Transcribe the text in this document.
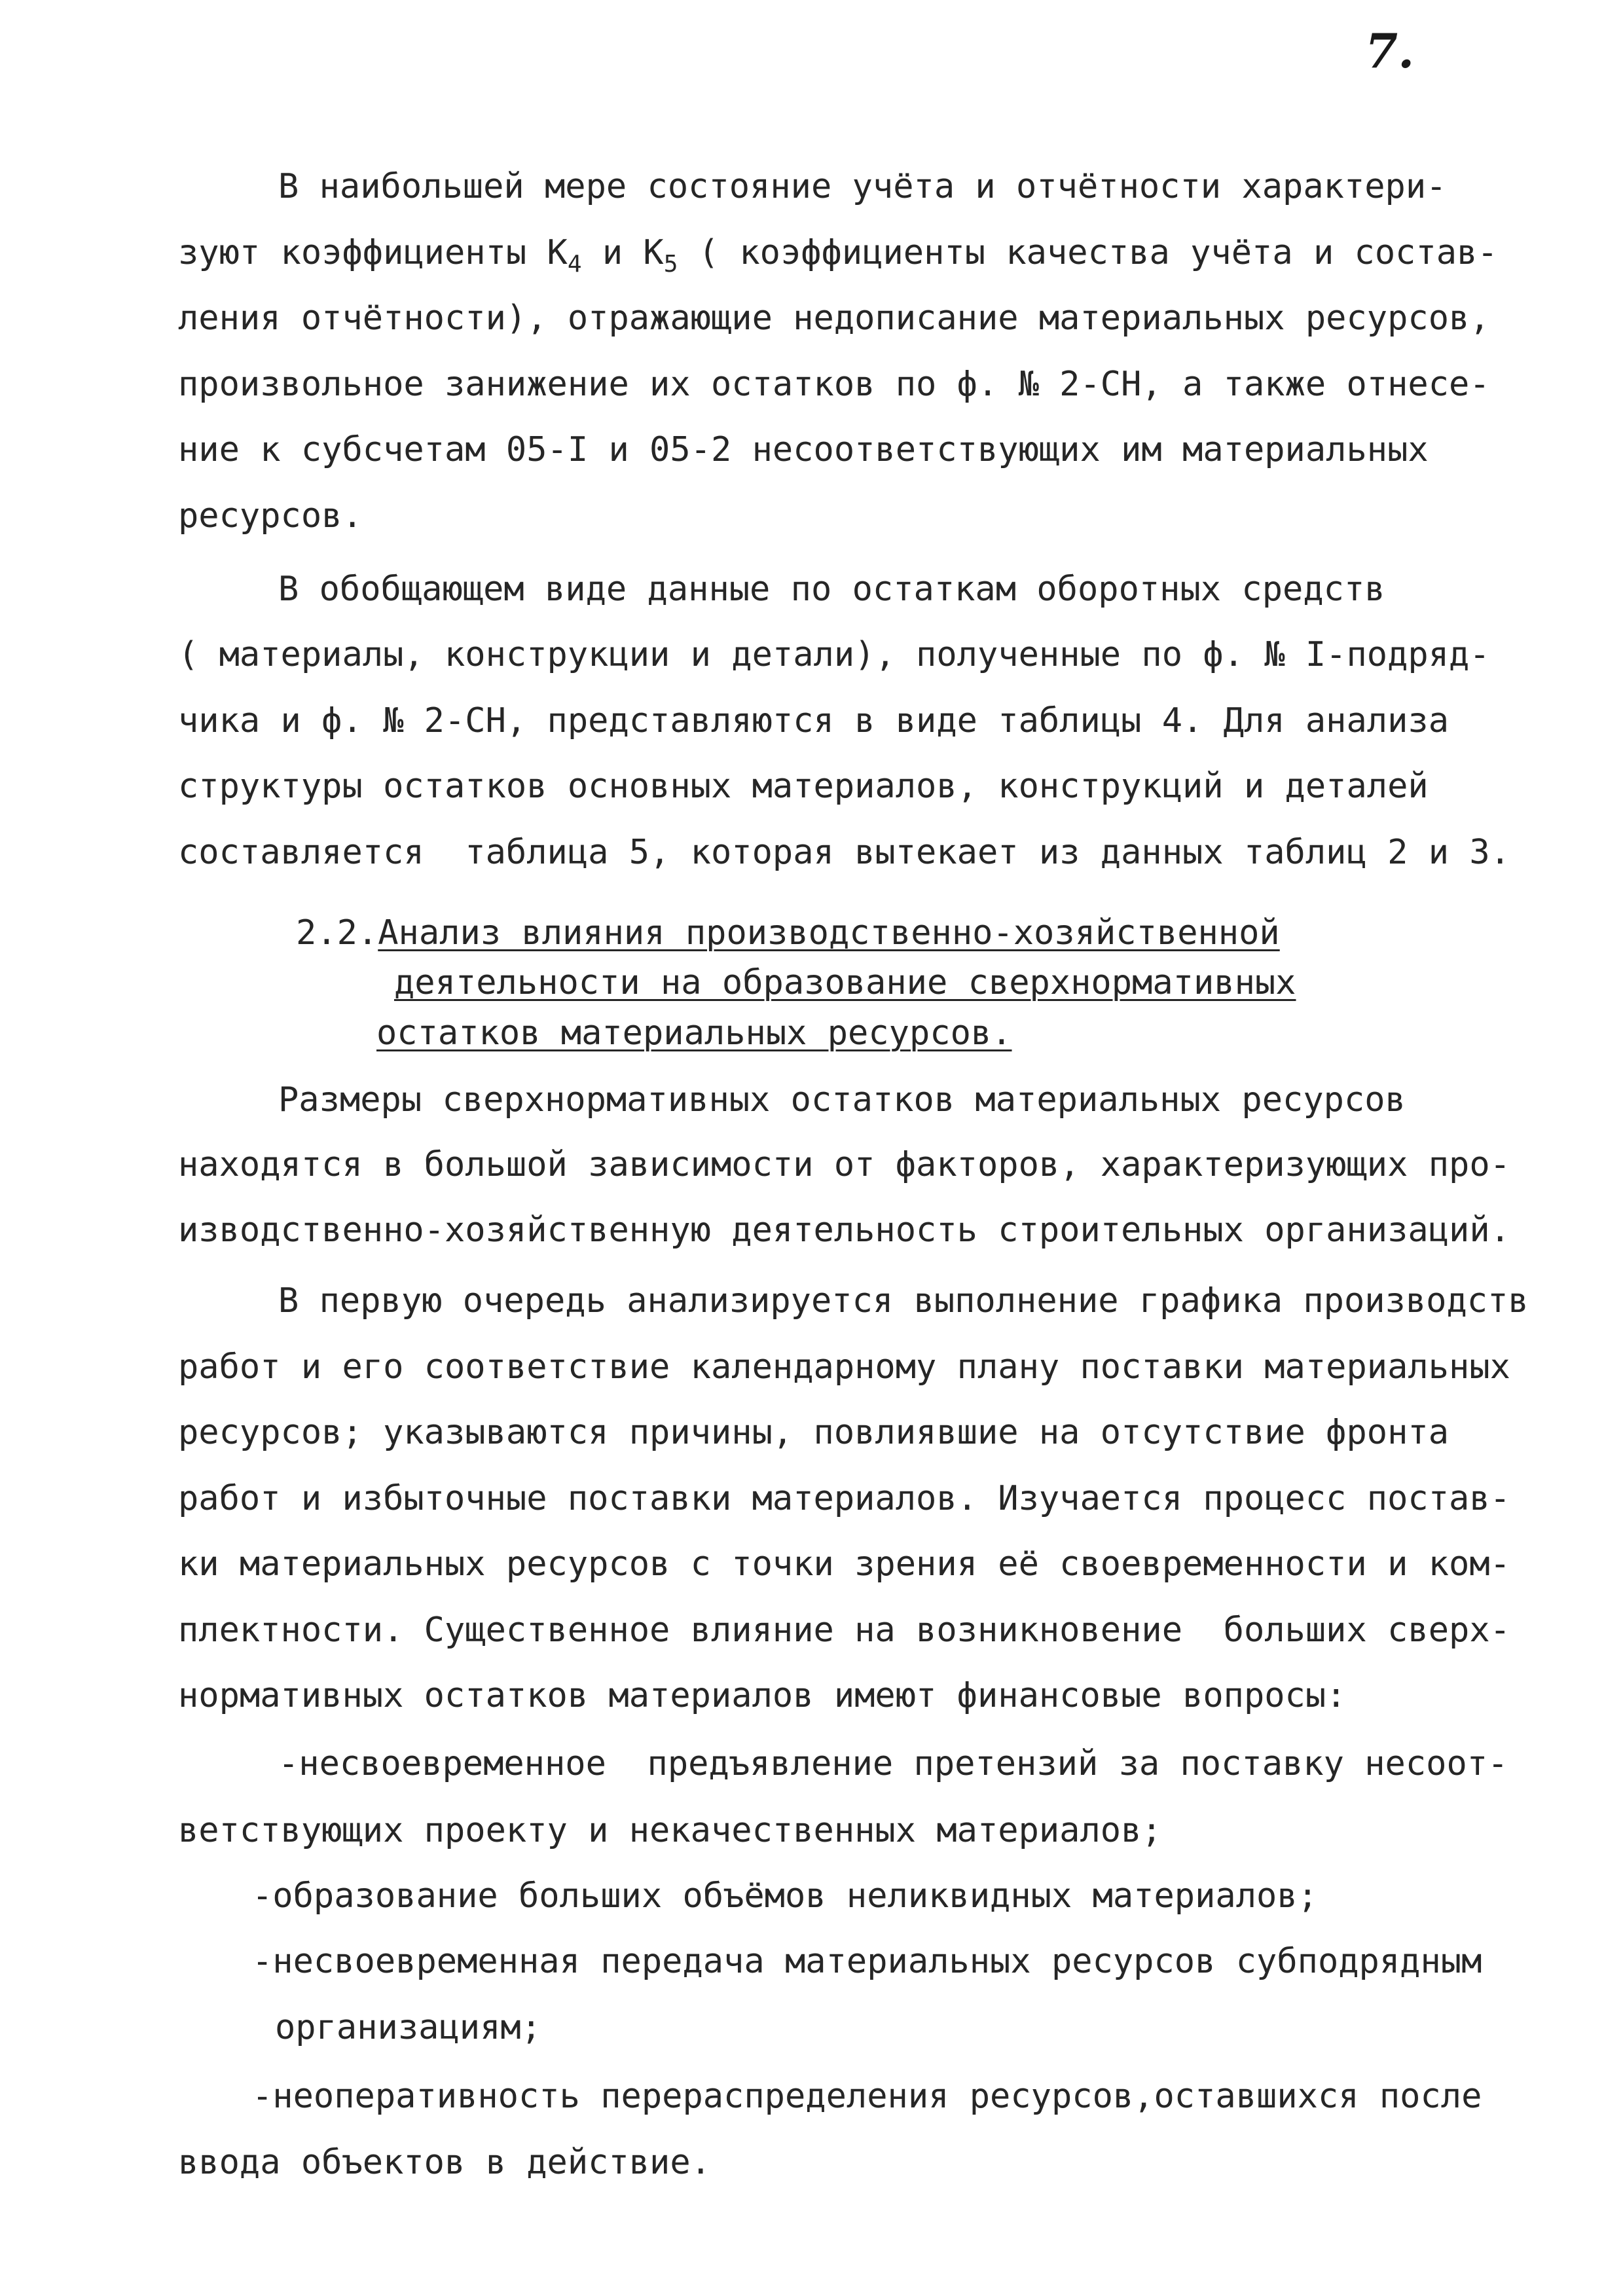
7.
В наибольшей мере состояние учёта и отчётности характери-
зуют коэффициенты $К_4$ и $К_5$ ( коэффициенты качества учёта и состав-
ления отчётности), отражающие недописание материальных ресурсов,
произвольное занижение их остатков по ф. № 2-СН, а также отнесе-
ние к субсчетам 05-I и 05-2 несоответствующих им материальных
ресурсов.
В обобщающем виде данные по остаткам оборотных средств
( материалы, конструкции и детали), полученные по ф. № I-подряд-
чика и ф. № 2-СН, представляются в виде таблицы 4. Для анализа
структуры остатков основных материалов, конструкций и деталей
составляется  таблица 5, которая вытекает из данных таблиц 2 и 3.
2.2.Анализ влияния производственно-хозяйственной
деятельности на образование сверхнормативных
остатков материальных ресурсов.
Размеры сверхнормативных остатков материальных ресурсов
находятся в большой зависимости от факторов, характеризующих про-
изводственно-хозяйственную деятельность строительных организаций.
В первую очередь анализируется выполнение графика производств
работ и его соответствие календарному плану поставки материальных
ресурсов; указываются причины, повлиявшие на отсутствие фронта
работ и избыточные поставки материалов. Изучается процесс постав-
ки материальных ресурсов с точки зрения её своевременности и ком-
плектности. Существенное влияние на возникновение  больших сверх-
нормативных остатков материалов имеют финансовые вопросы:
-несвоевременное  предъявление претензий за поставку несоот-
ветствующих проекту и некачественных материалов;
-образование больших объёмов неликвидных материалов;
-несвоевременная передача материальных ресурсов субподрядным
организациям;
-неоперативность перераспределения ресурсов,оставшихся после
ввода объектов в действие.
